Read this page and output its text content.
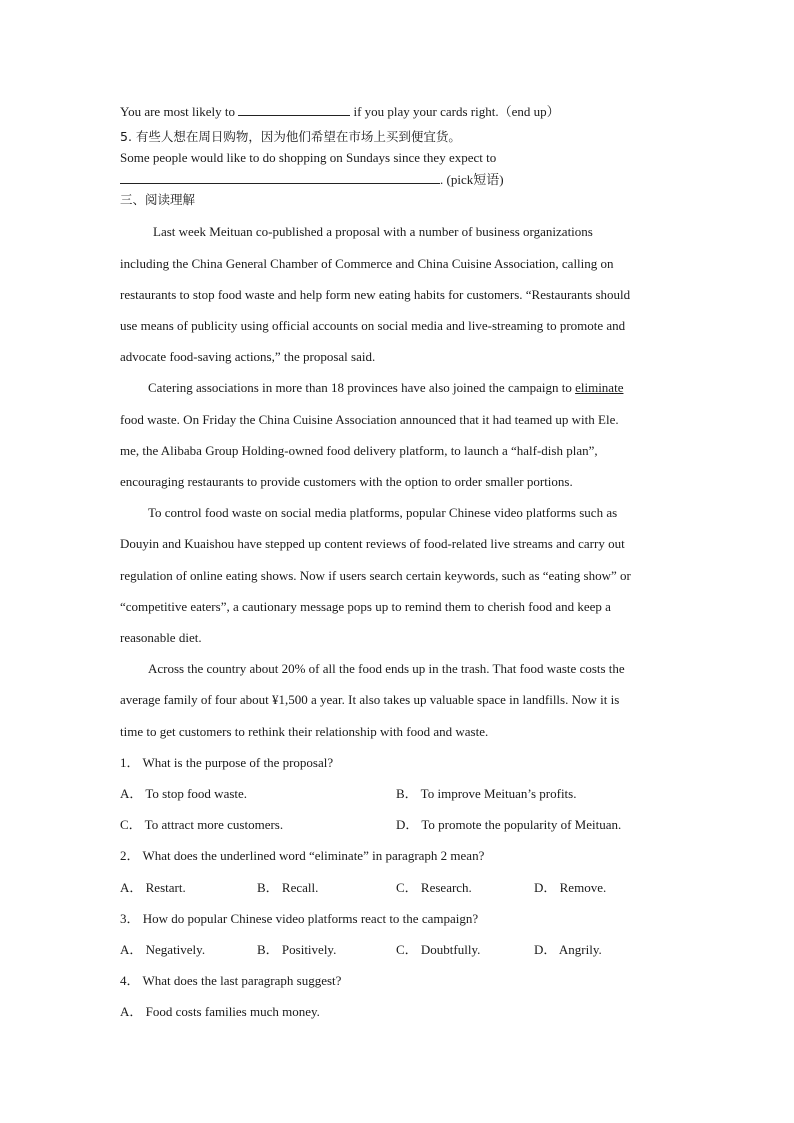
You are most likely to	if you play your cards right.（end up）
5. 有些人想在周日购物，因为他们希望在市场上买到便宜货。
Some people would like to do shopping on Sundays since they expect to
. (pick短语)
三、阅读理解
Last week Meituan co-published a proposal with a number of business organizations
including the China General Chamber of Commerce and China Cuisine Association, calling on
restaurants to stop food waste and help form new eating habits for customers. “Restaurants should
use means of publicity using official accounts on social media and live-streaming to promote and
advocate food-saving actions,” the proposal said.
Catering associations in more than 18 provinces have also joined the campaign to eliminate
food waste. On Friday the China Cuisine Association announced that it had teamed up with Ele.
me, the Alibaba Group Holding-owned food delivery platform, to launch a “half-dish plan”,
encouraging restaurants to provide customers with the option to order smaller portions.
To control food waste on social media platforms, popular Chinese video platforms such as
Douyin and Kuaishou have stepped up content reviews of food-related live streams and carry out
regulation of online eating shows. Now if users search certain keywords, such as “eating show” or
“competitive eaters”, a cautionary message pops up to remind them to cherish food and keep a
reasonable diet.
Across the country about 20% of all the food ends up in the trash. That food waste costs the
average family of four about ¥1,500 a year. It also takes up valuable space in landfills. Now it is
time to get customers to rethink their relationship with food and waste.
1． What is the purpose of the proposal?
A． To stop food waste.	B． To improve Meituan’s profits.
C． To attract more customers.	D． To promote the popularity of Meituan.
2． What does the underlined word “eliminate” in paragraph 2 mean?
A． Restart.	B． Recall.	C． Research.	D． Remove.
3． How do popular Chinese video platforms react to the campaign?
A． Negatively.	B． Positively.	C． Doubtfully.	D． Angrily.
4． What does the last paragraph suggest?
A． Food costs families much money.
